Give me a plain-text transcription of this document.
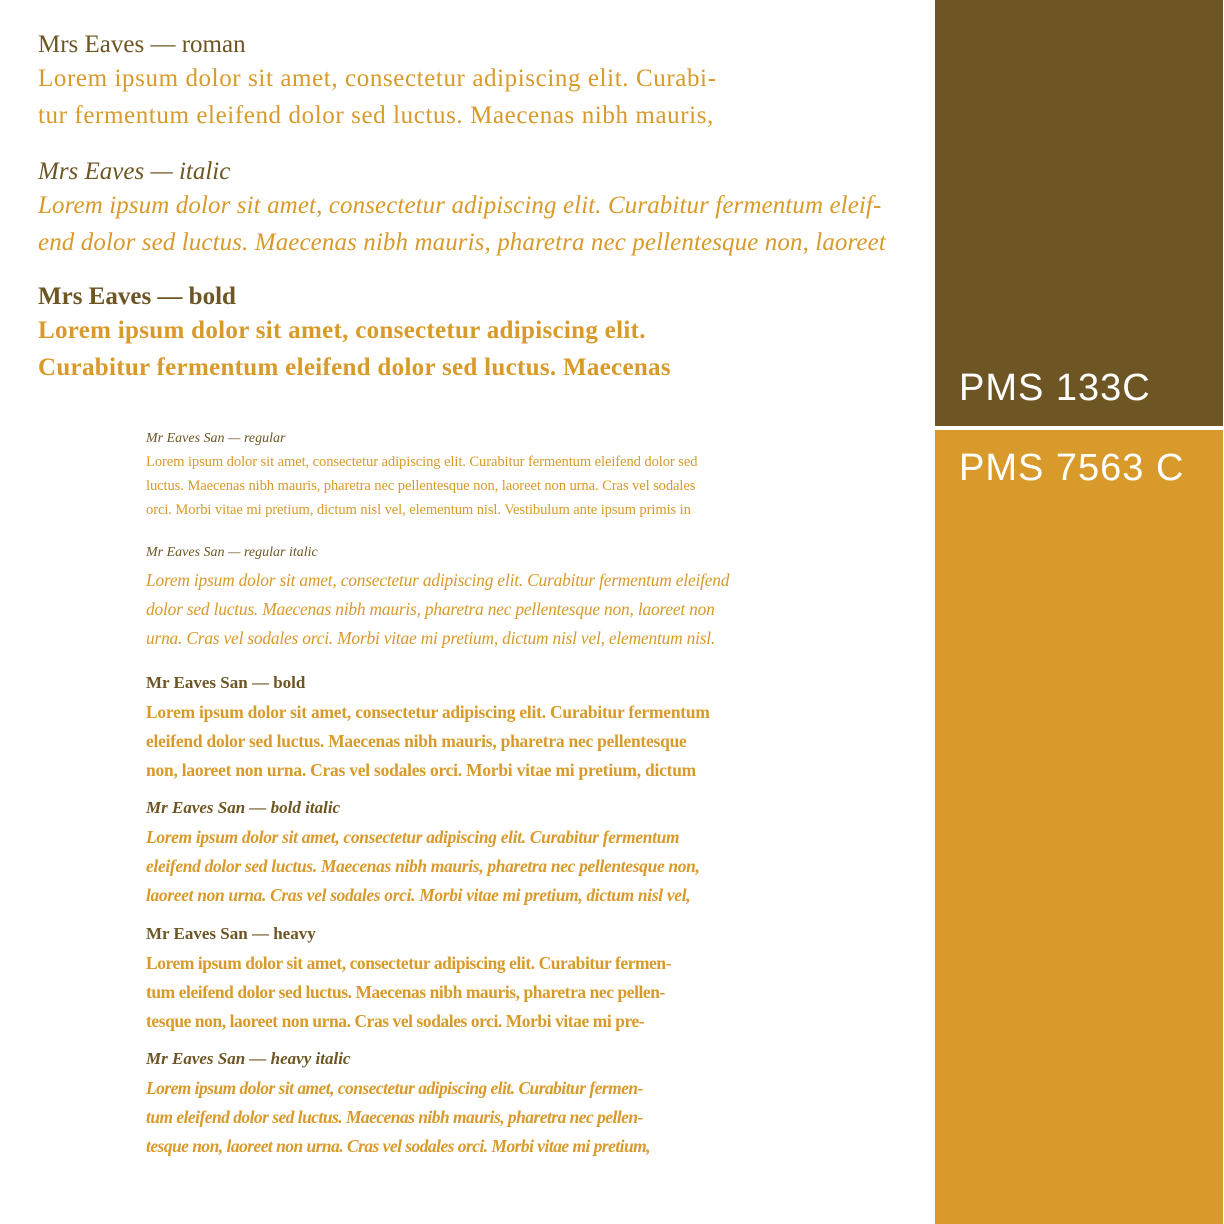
Mrs Eaves — roman
Lorem ipsum dolor sit amet, consectetur adipiscing elit. Curabi-
tur fermentum eleifend dolor sed luctus. Maecenas nibh mauris,
Mrs Eaves — italic
Lorem ipsum dolor sit amet, consectetur adipiscing elit. Curabitur fermentum eleif-
end dolor sed luctus. Maecenas nibh mauris, pharetra nec pellentesque non, laoreet
Mrs Eaves — bold
Lorem ipsum dolor sit amet, consectetur adipiscing elit.
Curabitur fermentum eleifend dolor sed luctus. Maecenas
Mr Eaves San — regular
Lorem ipsum dolor sit amet, consectetur adipiscing elit. Curabitur fermentum eleifend dolor sed
luctus. Maecenas nibh mauris, pharetra nec pellentesque non, laoreet non urna. Cras vel sodales
orci. Morbi vitae mi pretium, dictum nisl vel, elementum nisl. Vestibulum ante ipsum primis in
Mr Eaves San — regular italic
Lorem ipsum dolor sit amet, consectetur adipiscing elit. Curabitur fermentum eleifend
dolor sed luctus. Maecenas nibh mauris, pharetra nec pellentesque non, laoreet non
urna. Cras vel sodales orci. Morbi vitae mi pretium, dictum nisl vel, elementum nisl.
Mr Eaves San — bold
Lorem ipsum dolor sit amet, consectetur adipiscing elit. Curabitur fermentum
eleifend dolor sed luctus. Maecenas nibh mauris, pharetra nec pellentesque
non, laoreet non urna. Cras vel sodales orci. Morbi vitae mi pretium, dictum
Mr Eaves San — bold italic
Lorem ipsum dolor sit amet, consectetur adipiscing elit. Curabitur fermentum
eleifend dolor sed luctus. Maecenas nibh mauris, pharetra nec pellentesque non,
laoreet non urna. Cras vel sodales orci. Morbi vitae mi pretium, dictum nisl vel,
Mr Eaves San — heavy
Lorem ipsum dolor sit amet, consectetur adipiscing elit. Curabitur fermen-
tum eleifend dolor sed luctus. Maecenas nibh mauris, pharetra nec pellen-
tesque non, laoreet non urna. Cras vel sodales orci. Morbi vitae mi pre-
Mr Eaves San — heavy italic
Lorem ipsum dolor sit amet, consectetur adipiscing elit. Curabitur fermen-
tum eleifend dolor sed luctus. Maecenas nibh mauris, pharetra nec pellen-
tesque non, laoreet non urna. Cras vel sodales orci. Morbi vitae mi pretium,
PMS 133C
PMS 7563 C
